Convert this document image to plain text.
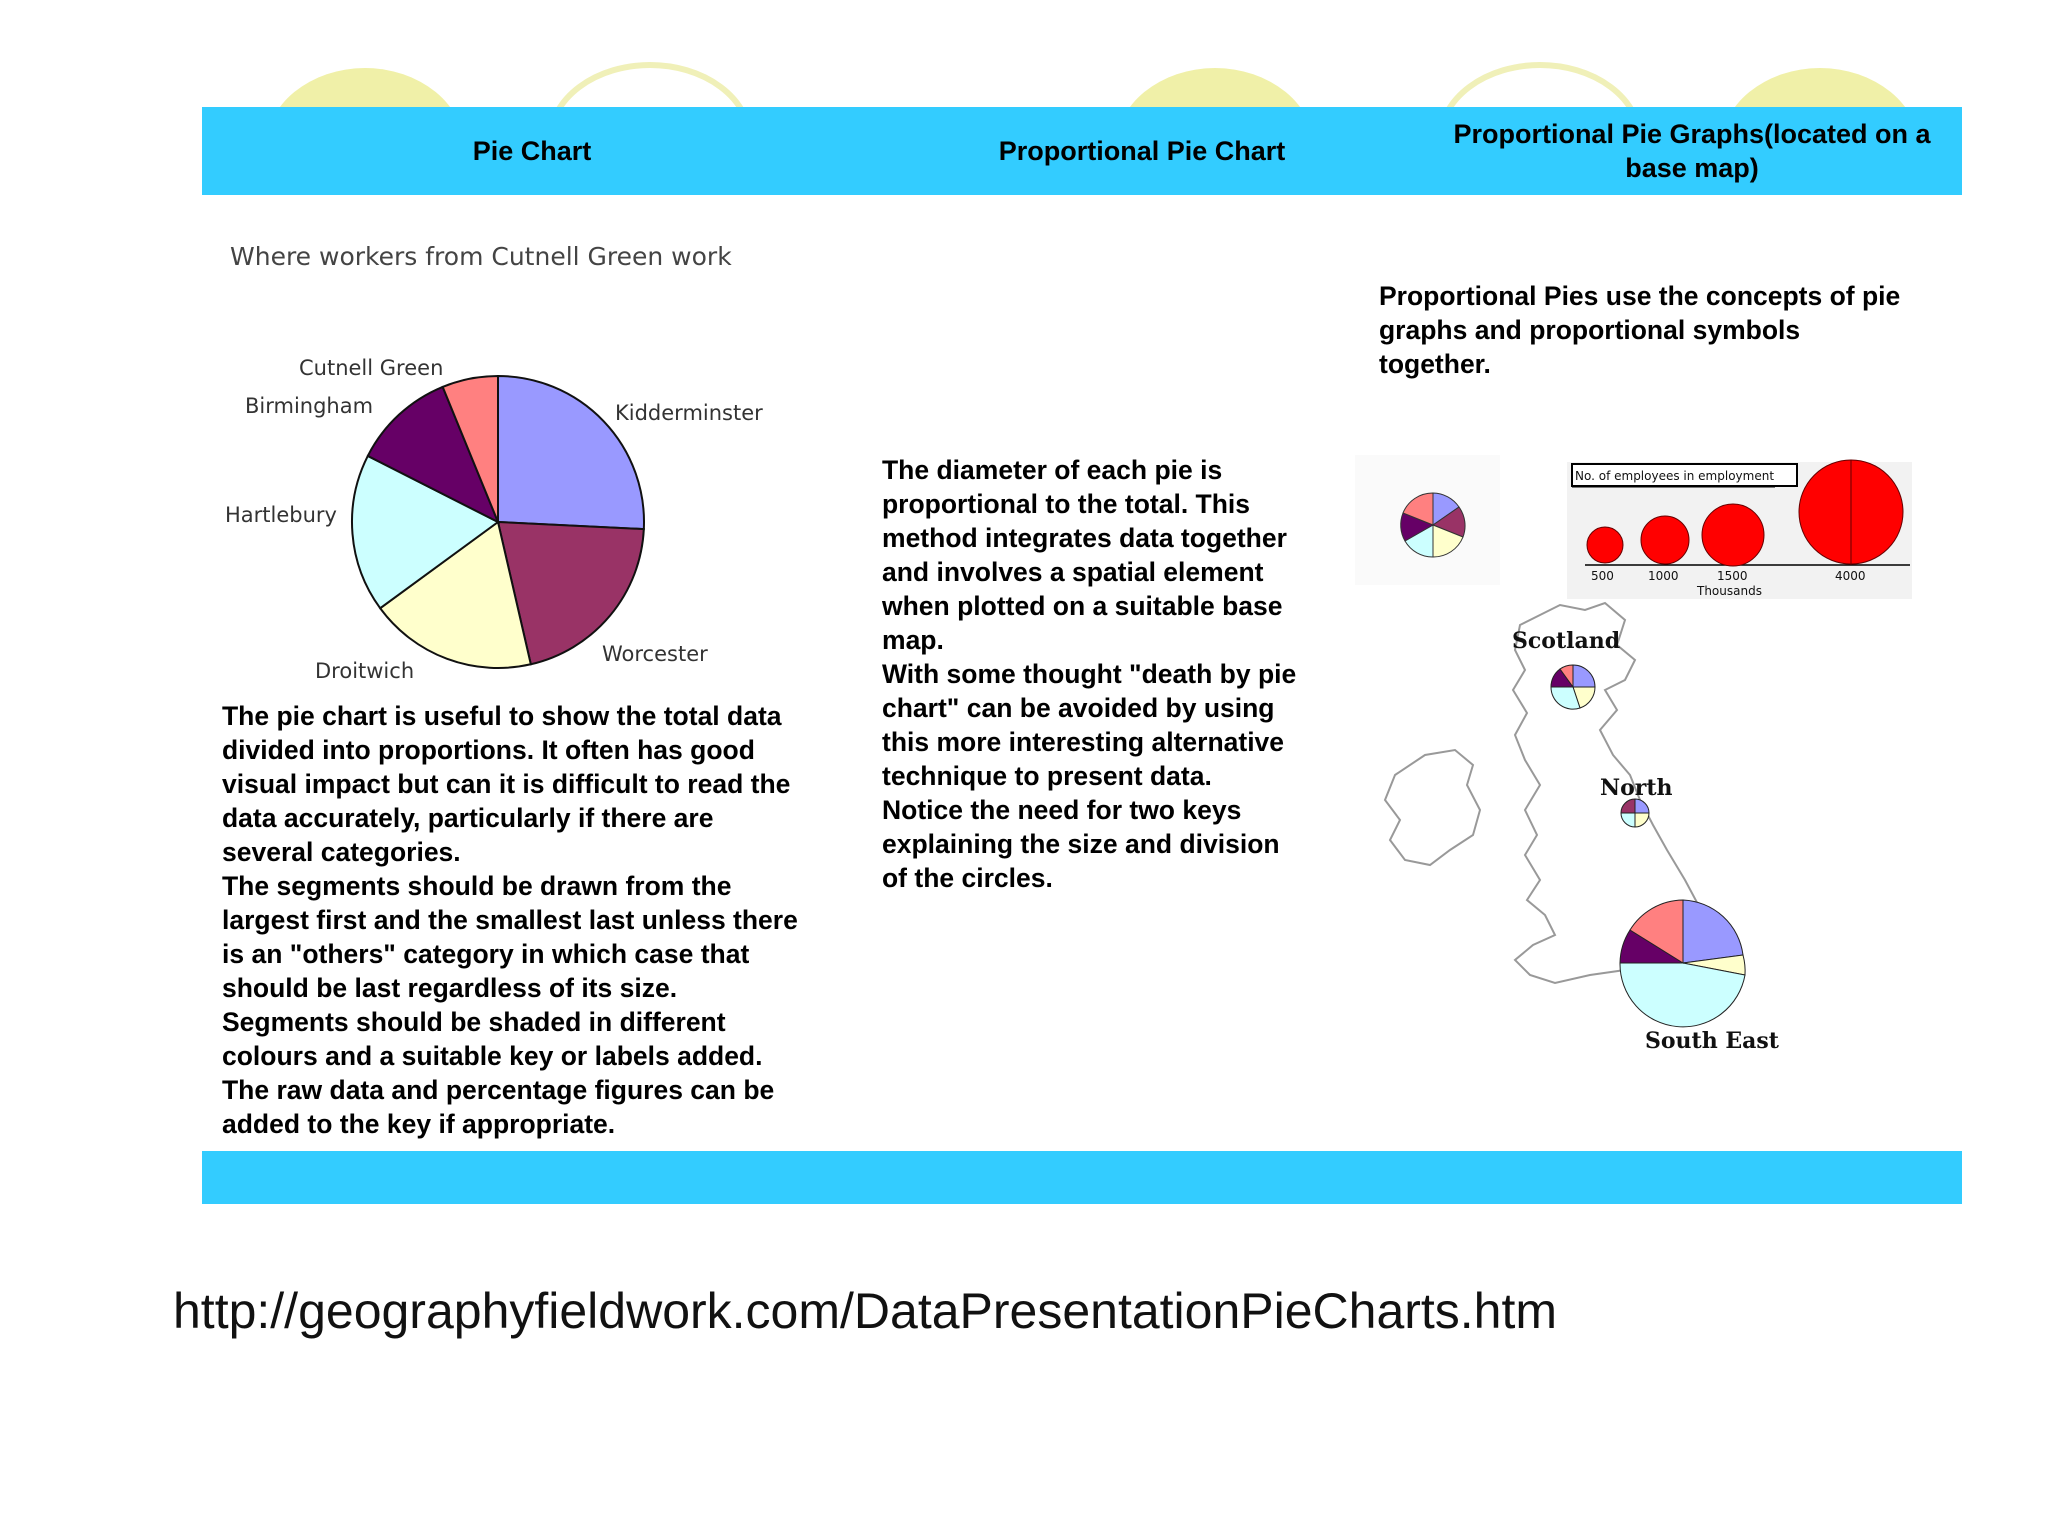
Pie Chart	Proportional Pie Chart
Proportional Pie Graphs(located on a base map)
Where workers from Cutnell Green work
Cutnell Green
Birmingham	Kidderminster
Hartlebury
Worcester
Droitwich
The pie chart is useful to show the total data
divided into proportions. It often has good
visual impact but can it is difficult to read the
data accurately, particularly if there are
several categories.
The segments should be drawn from the
largest first and the smallest last unless there
is an "others" category in which case that
should be last regardless of its size.
Segments should be shaded in different
colours and a suitable key or labels added.
The raw data and percentage figures can be
added to the key if appropriate.
The diameter of each pie is
proportional to the total. This
method integrates data together
and involves a spatial element
when plotted on a suitable base
map.
With some thought "death by pie
chart" can be avoided by using
this more interesting alternative
technique to present data.
Notice the need for two keys
explaining the size and division
of the circles.
Proportional Pies use the concepts of pie
graphs and proportional symbols
together.
No. of employees in employment
500	1000	1500	4000
Thousands
Scotland
North
South East
http://geographyfieldwork.com/DataPresentationPieCharts.htm
